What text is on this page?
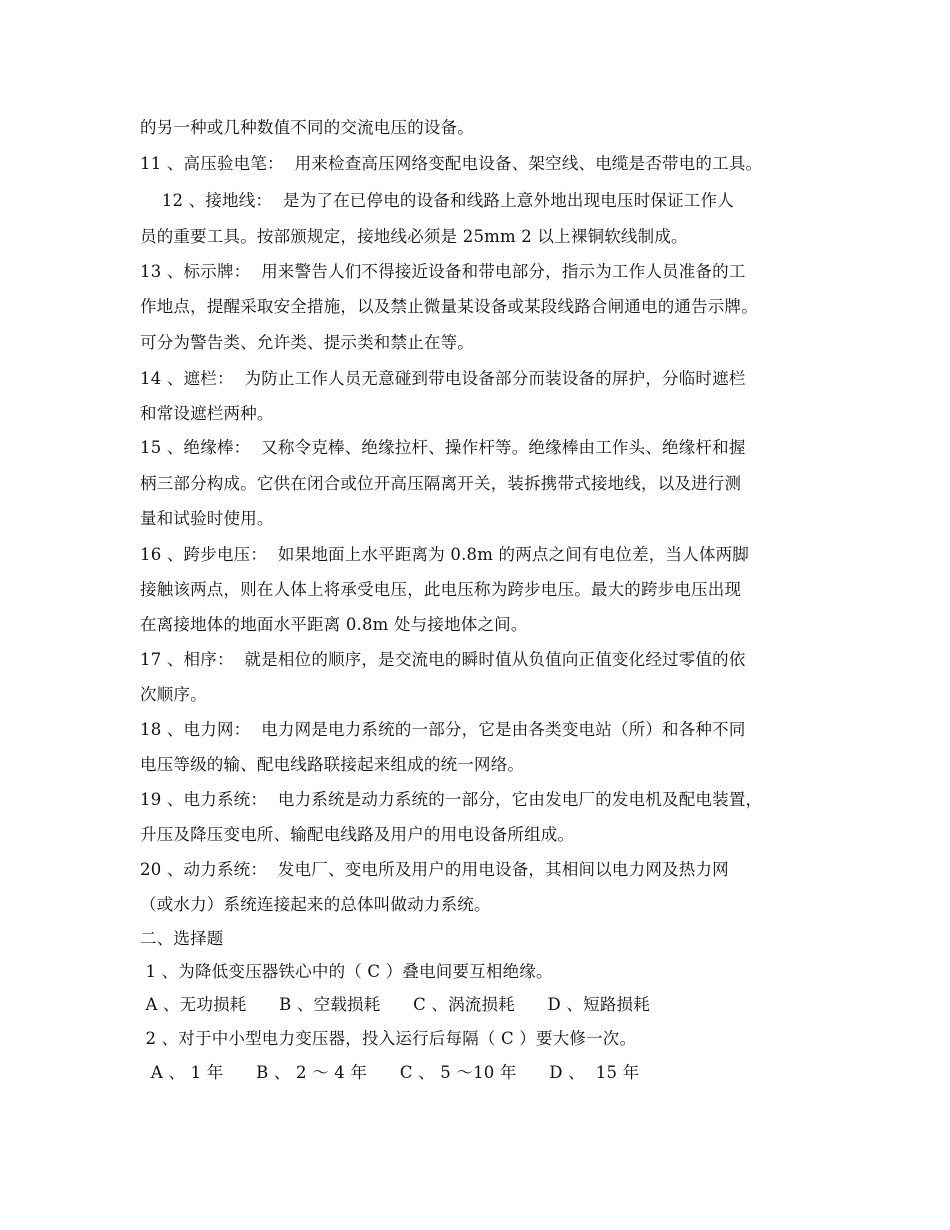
的另一种或几种数值不同的交流电压的设备。
11 、高压验电笔：  用来检查高压网络变配电设备、架空线、电缆是否带电的工具。
12 、接地线：  是为了在已停电的设备和线路上意外地出现电压时保证工作人
员的重要工具。按部颁规定，接地线必须是 25mm 2 以上裸铜软线制成。
13 、标示牌：  用来警告人们不得接近设备和带电部分，指示为工作人员准备的工
作地点，提醒采取安全措施，以及禁止微量某设备或某段线路合闸通电的通告示牌。
可分为警告类、允许类、提示类和禁止在等。
14 、遮栏：  为防止工作人员无意碰到带电设备部分而装设备的屏护，分临时遮栏
和常设遮栏两种。
15 、绝缘棒：  又称令克棒、绝缘拉杆、操作杆等。绝缘棒由工作头、绝缘杆和握
柄三部分构成。它供在闭合或位开高压隔离开关，装拆携带式接地线，以及进行测
量和试验时使用。
16 、跨步电压：  如果地面上水平距离为 0.8m 的两点之间有电位差，当人体两脚
接触该两点，则在人体上将承受电压，此电压称为跨步电压。最大的跨步电压出现
在离接地体的地面水平距离 0.8m 处与接地体之间。
17 、相序：  就是相位的顺序，是交流电的瞬时值从负值向正值变化经过零值的依
次顺序。
18 、电力网：  电力网是电力系统的一部分，它是由各类变电站（所）和各种不同
电压等级的输、配电线路联接起来组成的统一网络。
19 、电力系统：  电力系统是动力系统的一部分，它由发电厂的发电机及配电装置，
升压及降压变电所、输配电线路及用户的用电设备所组成。
20 、动力系统：  发电厂、变电所及用户的用电设备，其相间以电力网及热力网
（或水力）系统连接起来的总体叫做动力系统。
二、选择题
1 、为降低变压器铁心中的（ C ）叠电间要互相绝缘。
A 、无功损耗      B 、空载损耗      C 、涡流损耗      D 、短路损耗
2 、对于中小型电力变压器，投入运行后每隔（ C ）要大修一次。
A 、 1 年      B 、 2 ～ 4 年      C 、 5 ～10 年      D 、  15 年
